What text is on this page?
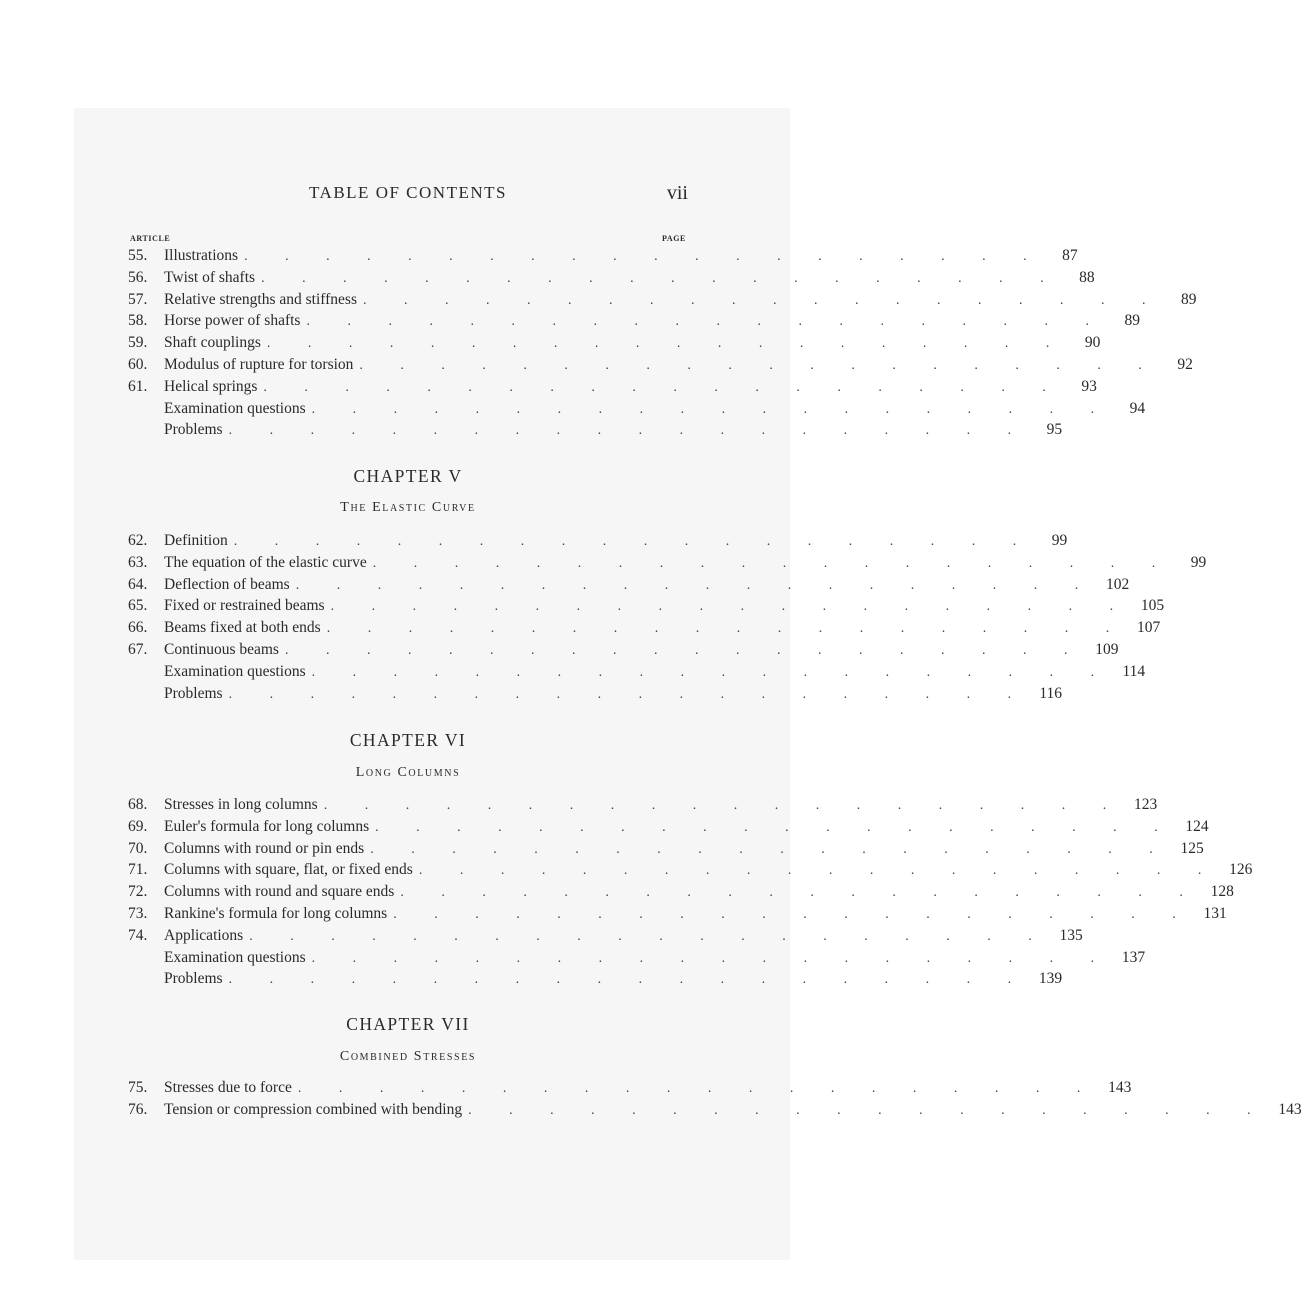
TABLE OF CONTENTS	vii
ARTICLE	PAGE
55.	Illustrations . . . . . . . . . . . . . . . . . . . .	87
56.	Twist of shafts . . . . . . . . . . . . . . . . . . . .	88
57.	Relative strengths and stiffness . . . . . . . . . . . . . . . . . . . .	89
58.	Horse power of shafts . . . . . . . . . . . . . . . . . . . .	89
59.	Shaft couplings . . . . . . . . . . . . . . . . . . . .	90
60.	Modulus of rupture for torsion . . . . . . . . . . . . . . . . . . . .	92
61.	Helical springs . . . . . . . . . . . . . . . . . . . .	93
Examination questions . . . . . . . . . . . . . . . . . . . .	94
Problems . . . . . . . . . . . . . . . . . . . .	95
CHAPTER V
The Elastic Curve
62.	Definition . . . . . . . . . . . . . . . . . . . .	99
63.	The equation of the elastic curve . . . . . . . . . . . . . . . . . . . .	99
64.	Deflection of beams . . . . . . . . . . . . . . . . . . . . 102
65.	Fixed or restrained beams . . . . . . . . . . . . . . . . . . . . 105
66.	Beams fixed at both ends . . . . . . . . . . . . . . . . . . . . 107
67.	Continuous beams . . . . . . . . . . . . . . . . . . . . 109
Examination questions . . . . . . . . . . . . . . . . . . . . 114
Problems . . . . . . . . . . . . . . . . . . . . 116
CHAPTER VI
Long Columns
68.	Stresses in long columns . . . . . . . . . . . . . . . . . . . . 123
69.	Euler's formula for long columns . . . . . . . . . . . . . . . . . . . . 124
70.	Columns with round or pin ends . . . . . . . . . . . . . . . . . . . . 125
71.	Columns with square, flat, or fixed ends . . . . . . . . . . . . . . . . . . . . 126
72.	Columns with round and square ends . . . . . . . . . . . . . . . . . . . . 128
73.	Rankine's formula for long columns . . . . . . . . . . . . . . . . . . . . 131
74.	Applications . . . . . . . . . . . . . . . . . . . . 135
Examination questions . . . . . . . . . . . . . . . . . . . . 137
Problems . . . . . . . . . . . . . . . . . . . . 139
CHAPTER VII
Combined Stresses
75.	Stresses due to force . . . . . . . . . . . . . . . . . . . . 143
76.	Tension or compression combined with bending . . . . . . . . . . . . . . . . . . . . 143
